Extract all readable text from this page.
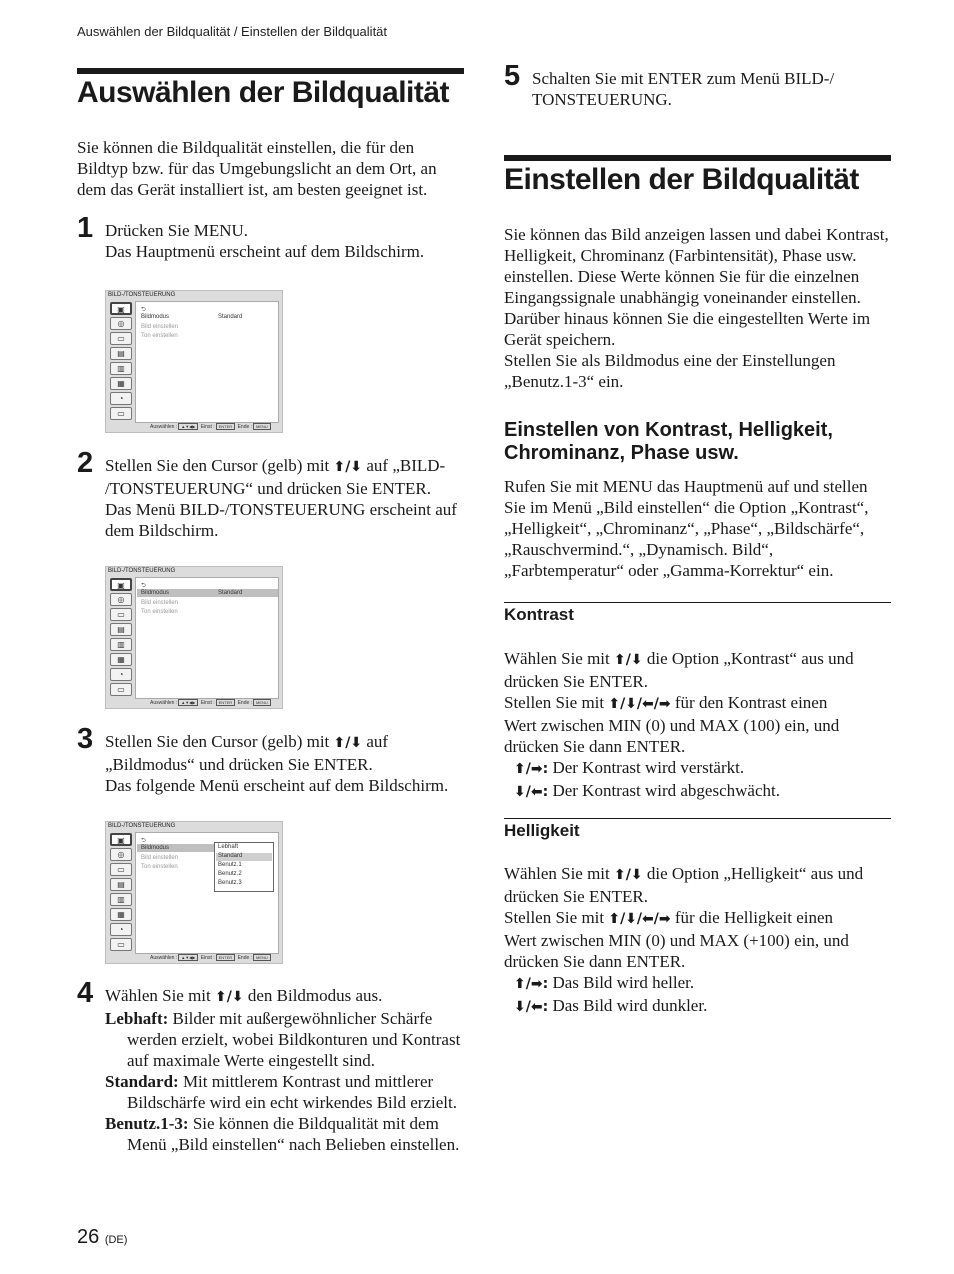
Auswählen der Bildqualität / Einstellen der Bildqualität
Auswählen der Bildqualität
Sie können die Bildqualität einstellen, die für den Bildtyp bzw. für das Umgebungslicht an dem Ort, an dem das Gerät installiert ist, am besten geeignet ist.
1 Drücken Sie MENU.
Das Hauptmenü erscheint auf dem Bildschirm.
BILD-/TONSTEUERUNG
▣
◎
▭
▤
▥
▦
◔
▭
⮌
Bildmodus	Standard
Bild einstellen
Ton einstellen
Auswählen : ▲▼◀▶ Einst : ENTER Ende : MENU
2 Stellen Sie den Cursor (gelb) mit ⬆/⬇ auf „BILD-
/TONSTEUERUNG“ und drücken Sie ENTER.
Das Menü BILD-/TONSTEUERUNG erscheint auf dem Bildschirm.
BILD-/TONSTEUERUNG
▣
◎
▭
▤
▥
▦
◔
▭
⮌
Bildmodus	Standard
Bild einstellen
Ton einstellen
Auswählen : ▲▼◀▶ Einst : ENTER Ende : MENU
3 Stellen Sie den Cursor (gelb) mit ⬆/⬇ auf
„Bildmodus“ und drücken Sie ENTER.
Das folgende Menü erscheint auf dem Bildschirm.
BILD-/TONSTEUERUNG
▣
◎
▭
▤
▥
▦
◔
▭
⮌
Bildmodus
Bild einstellen
Ton einstellen
Lebhaft
Standard
Benutz.1
Benutz.2
Benutz.3
Auswählen : ▲▼◀▶ Einst : ENTER Ende : MENU
4 Wählen Sie mit ⬆/⬇ den Bildmodus aus.
Lebhaft: Bilder mit außergewöhnlicher Schärfe werden erzielt, wobei Bildkonturen und Kontrast auf maximale Werte eingestellt sind.
Standard: Mit mittlerem Kontrast und mittlerer Bildschärfe wird ein echt wirkendes Bild erzielt.
Benutz.1-3: Sie können die Bildqualität mit dem Menü „Bild einstellen“ nach Belieben einstellen.
5 Schalten Sie mit ENTER zum Menü BILD-/
TONSTEUERUNG.
Einstellen der Bildqualität
Sie können das Bild anzeigen lassen und dabei Kontrast, Helligkeit, Chrominanz (Farbintensität), Phase usw. einstellen. Diese Werte können Sie für die einzelnen Eingangssignale unabhängig voneinander einstellen. Darüber hinaus können Sie die eingestellten Werte im Gerät speichern.
Stellen Sie als Bildmodus eine der Einstellungen „Benutz.1-3“ ein.
Einstellen von Kontrast, Helligkeit, Chrominanz, Phase usw.
Rufen Sie mit MENU das Hauptmenü auf und stellen Sie im Menü „Bild einstellen“ die Option „Kontrast“, „Helligkeit“, „Chrominanz“, „Phase“, „Bildschärfe“, „Rauschvermind.“, „Dynamisch. Bild“, „Farbtemperatur“ oder „Gamma-Korrektur“ ein.
Kontrast
Wählen Sie mit ⬆/⬇ die Option „Kontrast“ aus und
drücken Sie ENTER.
Stellen Sie mit ⬆/⬇/⬅/➡ für den Kontrast einen
Wert zwischen MIN (0) und MAX (100) ein, und
drücken Sie dann ENTER.
⬆/➡: Der Kontrast wird verstärkt.
⬇/⬅: Der Kontrast wird abgeschwächt.
Helligkeit
Wählen Sie mit ⬆/⬇ die Option „Helligkeit“ aus und
drücken Sie ENTER.
Stellen Sie mit ⬆/⬇/⬅/➡ für die Helligkeit einen
Wert zwischen MIN (0) und MAX (+100) ein, und
drücken Sie dann ENTER.
⬆/➡: Das Bild wird heller.
⬇/⬅: Das Bild wird dunkler.
26 (DE)
